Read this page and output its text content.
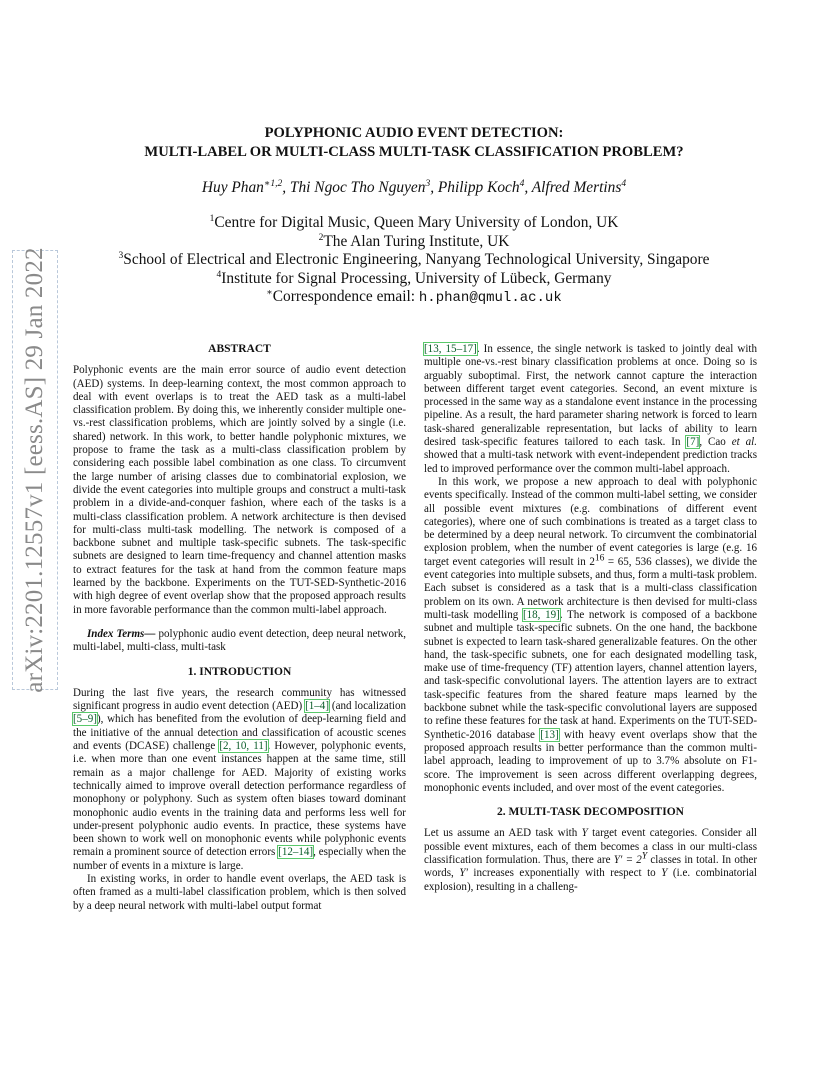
arXiv:2201.12557v1 [eess.AS] 29 Jan 2022
POLYPHONIC AUDIO EVENT DETECTION:
MULTI-LABEL OR MULTI-CLASS MULTI-TASK CLASSIFICATION PROBLEM?
Huy Phan$^{∗1,2}$, Thi Ngoc Tho Nguyen$^3$, Philipp Koch$^4$, Alfred Mertins$^4$
$^1$Centre for Digital Music, Queen Mary University of London, UK
$^2$The Alan Turing Institute, UK
$^3$School of Electrical and Electronic Engineering, Nanyang Technological University, Singapore
$^4$Institute for Signal Processing, University of Lübeck, Germany
∗Correspondence email: h.phan@qmul.ac.uk
ABSTRACT

Polyphonic events are the main error source of audio event detection (AED) systems. In deep-learning context, the most common approach to deal with event overlaps is to treat the AED task as a multi-label classification problem. By doing this, we inherently consider multiple one-vs.-rest classification problems, which are jointly solved by a single (i.e. shared) network. In this work, to better handle polyphonic mixtures, we propose to frame the task as a multi-class classification problem by considering each possible label combination as one class. To circumvent the large number of arising classes due to combinatorial explosion, we divide the event categories into multiple groups and construct a multi-task problem in a divide-and-conquer fashion, where each of the tasks is a multi-class classification problem. A network architecture is then devised for multi-class multi-task modelling. The network is composed of a backbone subnet and multiple task-specific subnets. The task-specific subnets are designed to learn time-frequency and channel attention masks to extract features for the task at hand from the common feature maps learned by the backbone. Experiments on the TUT-SED-Synthetic-2016 with high degree of event overlap show that the proposed approach results in more favorable performance than the common multi-label approach.

Index Terms— polyphonic audio event detection, deep neural network, multi-label, multi-class, multi-task

1. INTRODUCTION

During the last five years, the research community has witnessed significant progress in audio event detection (AED) [1–4] (and localization [5–9]), which has benefited from the evolution of deep-learning field and the initiative of the annual detection and classification of acoustic scenes and events (DCASE) challenge [2, 10, 11]. However, polyphonic events, i.e. when more than one event instances happen at the same time, still remain as a major challenge for AED. Majority of existing works technically aimed to improve overall detection performance regardless of monophony or polyphony. Such as system often biases toward dominant monophonic audio events in the training data and performs less well for under-present polyphonic audio events. In practice, these systems have been shown to work well on monophonic events while polyphonic events remain a prominent source of detection errors [12–14], especially when the number of events in a mixture is large.

In existing works, in order to handle event overlaps, the AED task is often framed as a multi-label classification problem, which is then solved by a deep neural network with multi-label output format

[13, 15–17]. In essence, the single network is tasked to jointly deal with multiple one-vs.-rest binary classification problems at once. Doing so is arguably suboptimal. First, the network cannot capture the interaction between different target event categories. Second, an event mixture is processed in the same way as a standalone event instance in the processing pipeline. As a result, the hard parameter sharing network is forced to learn task-shared generalizable representation, but lacks of ability to learn desired task-specific features tailored to each task. In [7], Cao et al. showed that a multi-task network with event-independent prediction tracks led to improved performance over the common multi-label approach.

In this work, we propose a new approach to deal with polyphonic events specifically. Instead of the common multi-label setting, we consider all possible event mixtures (e.g. combinations of different event categories), where one of such combinations is treated as a target class to be determined by a deep neural network. To circumvent the combinatorial explosion problem, when the number of event categories is large (e.g. 16 target event categories will result in $2^{16} = 65$, 536 classes), we divide the event categories into multiple subsets, and thus, form a multi-task problem. Each subset is considered as a task that is a multi-class classification problem on its own. A network architecture is then devised for multi-class multi-task modelling [18, 19]. The network is composed of a backbone subnet and multiple task-specific subnets. On the one hand, the backbone subnet is expected to learn task-shared generalizable features. On the other hand, the task-specific subnets, one for each designated modelling task, make use of time-frequency (TF) attention layers, channel attention layers, and task-specific convolutional layers. The attention layers are to extract task-specific features from the shared feature maps learned by the backbone subnet while the task-specific convolutional layers are supposed to refine these features for the task at hand. Experiments on the TUT-SED-Synthetic-2016 database [13] with heavy event overlaps show that the proposed approach results in better performance than the common multi-label approach, leading to improvement of up to 3.7% absolute on F1-score. The improvement is seen across different overlapping degrees, monophonic events included, and over most of the event categories.

2. MULTI-TASK DECOMPOSITION

Let us assume an AED task with Y target event categories. Consider all possible event mixtures, each of them becomes a class in our multi-class classification formulation. Thus, there are $Y' = 2^Y$ classes in total. In other words, Y′ increases exponentially with respect to Y (i.e. combinatorial explosion), resulting in a challeng-
